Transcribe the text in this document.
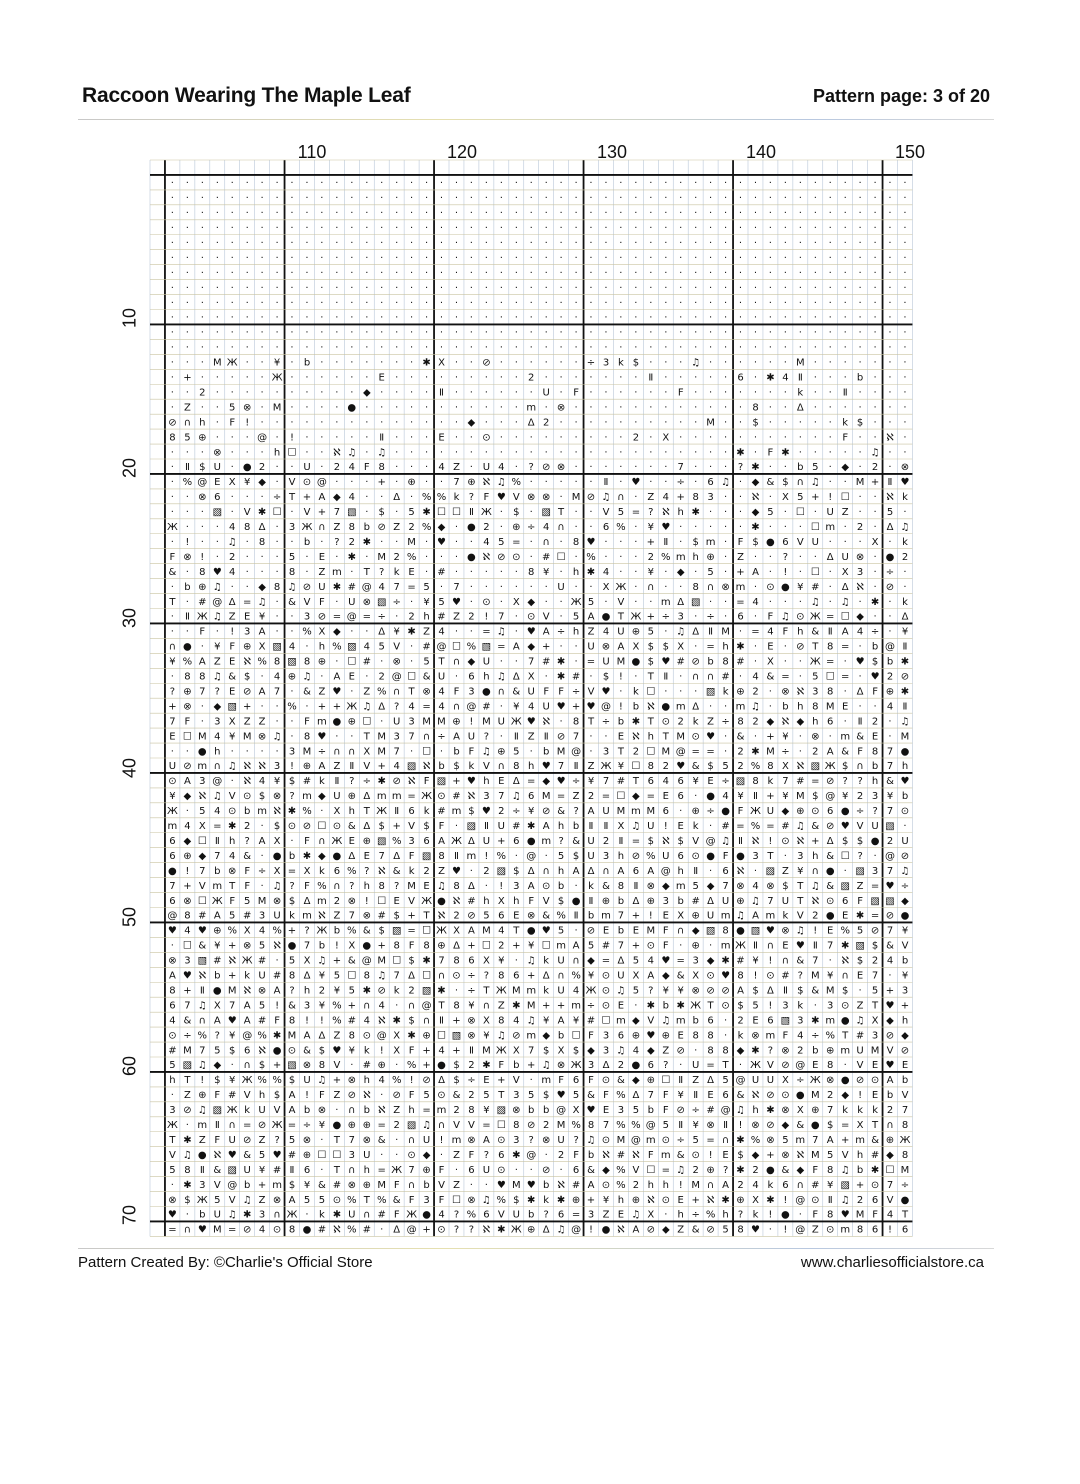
Raccoon Wearing The Maple Leaf	Pattern page: 3 of 20
110	120	130	140	150
10
20
30
40
50
60
70
· · · · · · · · · · · · · · · · · · · · · · · · · · · · · · · · · · · · · · · · · · · · · · · · · ·
· · · · · · · · · · · · · · · · · · · · · · · · · · · · · · · · · · · · · · · · · · · · · · · · · ·
· · · · · · · · · · · · · · · · · · · · · · · · · · · · · · · · · · · · · · · · · · · · · · · · · ·
· · · · · · · · · · · · · · · · · · · · · · · · · · · · · · · · · · · · · · · · · · · · · · · · · ·
· · · · · · · · · · · · · · · · · · · · · · · · · · · · · · · · · · · · · · · · · · · · · · · · · ·
· · · · · · · · · · · · · · · · · · · · · · · · · · · · · · · · · · · · · · · · · · · · · · · · · ·
· · · · · · · · · · · · · · · · · · · · · · · · · · · · · · · · · · · · · · · · · · · · · · · · · ·
· · · · · · · · · · · · · · · · · · · · · · · · · · · · · · · · · · · · · · · · · · · · · · · · · ·
· · · · · · · · · · · · · · · · · · · · · · · · · · · · · · · · · · · · · · · · · · · · · · · · · ·
· · · · · · · · · · · · · · · · · · · · · · · · · · · · · · · · · · · · · · · · · · · · · · · · · ·
· · · · · · · · · · · · · · · · · · · · · · · · · · · · · · · · · · · · · · · · · · · · · · · · · ·
· · · · · · · · · · · · · · · · · · · · · · · · · · · · · · · · · · · · · · · · · · · · · · · · · ·
· · · M Ж · · ¥ · b · · · · · · · ✱ X · · ⊘ · · · · · · ÷ 3 k $ · · · ♫ · · · · · · M · · · · · · ·
· + · · · · · Ж · · · · · · E · · · · · · · · · 2 · · · · · · · Ⅱ · · · · · 6 · ✱ 4 Ⅱ · · · b · · ·
· · 2 · · · · · · · · · · ◆ · · · · Ⅱ · · · · · · U · F · · · · · · F · · · · · · · k · · Ⅱ · · · ·
· Z · · 5 ⊗ · M · · · · ● · · · · · · · · · · · m · ⊗ · · · · · · · · · · · · 8 · · Δ · · · · · · ·
⊘ ∩ h · F ! · · · · · · · · · · · · · · ◆ · · · Δ 2 · · · · · · · · · · M · · $ · · · · · k $ · · ·
8 5 ⊕ · · · @ · ! · · · · · Ⅱ · · · E · · ⊙ · · · · · · · · · 2 · X · · · · · · · · · · · F · · ℵ ·
· · · ⊗ · · · h ☐ · · ℵ ♫ · ♫ · · · · · · · · · · · · · · · · · · · · · · · ✱ · F ✱ · · · · · ♫ · ·
· Ⅱ $ U · ● 2 · · U · 2 4 F 8 · · · 4 Z · U 4 · ? ⊘ ⊗ · · · · · · · 7 · · · ? ✱ · · b 5 · ◆ · 2 · ⊗
· % @ E X ¥ ◆ · V ⊙ @ · · · + · ⊕ · · 7 ⊕ ℵ ♫ % · · · · · Ⅱ · ♥ · · ÷ · 6 ♫ · ◆ & $ ∩ ♫ · · M + Ⅱ ♥
· · ⊗ 6 · · · ÷ T + A ◆ 4 · · Δ · % % k ? F ♥ V ⊗ ⊗ · M ⊘ ♫ ∩ · Z 4 + 8 3 · · ℵ · X 5 + ! ☐ · · ℵ k
· · · ▧ · V ✱ ☐ · V + 7 ▧ · $ · 5 ✱ ☐ ☐ Ⅱ Ж · $ · ▧ T · · V 5 = ? ℵ h ✱ · · · ◆ 5 · ☐ · U Z · · 5 ·
Ж · · · 4 8 Δ · 3 Ж ∩ Z 8 b ⊘ Z 2 % ◆ · ● 2 · ⊕ ÷ 4 ∩ · · 6 % · ¥ ♥ · · · · · ✱ · · · ☐ m · 2 · Δ ♫
· ! · · ♫ · 8 · · b · ? 2 ✱ · · M · ♥ · · 4 5 = · ∩ · 8 ♥ · · · + Ⅱ · $ m · F $ ● 6 V U · · · X · k
F ⊗ ! · 2 · · · 5 · E · ✱ · M 2 % · · · ● ℵ ⊘ ⊙ · # ☐ · % · · · 2 % m h ⊕ · Z · · ? · · Δ U ⊗ · ● 2
& · 8 ♥ 4 · · · 8 · Z m · T ? k E · # · · · · · 8 ¥ · h ✱ 4 · · ¥ · ◆ · 5 · + A · ! · ☐ · X 3 · ÷ ·
· b ⊕ ♫ · · ◆ 8 ♫ ⊘ U ✱ # @ 4 7 = 5 · 7 · · · · · · U · · X Ж · ∩ · · 8 ∩ ⊗ m · ⊙ ● ¥ # · Δ ℵ · ⊘ ·
T · # @ Δ = ♫ · & V F · U ⊗ ▧ ÷ · ¥ 5 ♥ · ⊙ · X ◆ · · Ж 5 · V · · m Δ ▧ · · = 4 · · · ♫ · ♫ · ✱ · k
· Ⅱ Ж ♫ Z E ¥ · · 3 ⊘ = @ = ÷ · 2 h # Z 2 ! 7 · ⊙ V · 5 A ● T Ж + ÷ 3 · ÷ · 6 · F ♫ ⊙ Ж = ☐ ◆ · · Δ
· · F · ! 3 A · · % X ◆ · · Δ ¥ ✱ Z 4 · · = ♫ · ♥ A ÷ h Z 4 U ⊕ 5 · ♫ Δ Ⅱ M · = 4 F h & Ⅱ A 4 ÷ · ¥
∩ ● · ¥ F ⊕ X ▧ 4 · h % ▧ 4 5 V · # @ ☐ % ▧ = A ◆ + · · U ⊗ A X $ $ X · = h ✱ · E · ⊘ T 8 = · b @ Ⅱ
¥ % A Z E ℵ % 8 ▧ 8 ⊕ · ☐ # · ⊗ · 5 T ∩ ◆ U · · 7 # ✱ · = U M ● $ ♥ # ⊘ b 8 # · X · · Ж = · ♥ $ b ✱
· 8 8 ♫ & $ · 4 ⊕ ♫ · A E · 2 @ ☐ & U · 6 h ♫ Δ X · ✱ # · $ ! · T Ⅱ · ∩ ∩ # · 4 & = · 5 ☐ = · ♥ 2 ⊘
? ⊕ 7 ? E ⊘ A 7 · & Z ♥ · Z % ∩ T ⊗ 4 F 3 ● ∩ & U F F ÷ V ♥ · k ☐ · · · ▧ k ⊕ 2 · ⊗ ℵ 3 8 · Δ F ⊕ ✱
+ ⊗ · ◆ ▧ + · · % · + + Ж ♫ Δ ? 4 = 4 ∩ @ # · ¥ 4 U ♥ + ♥ @ ! b ℵ ● m Δ · · m ♫ · b h 8 M E · · 4 Ⅱ
7 F · 3 X Z Z · · F m ● ⊕ ☐ · U 3 M M ⊕ ! M U Ж ♥ ℵ · 8 T ÷ b ✱ T ⊙ 2 k Z ÷ 8 2 ◆ ℵ ◆ h 6 · Ⅱ 2 · ♫
E ☐ M 4 ¥ M ⊗ ♫ · 8 ♥ · · T M 3 7 ∩ ÷ A U ? · Ⅱ Z Ⅱ ⊘ 7 · · E ℵ h T M ⊙ ♥ · & · + ¥ · ⊗ · m & E · M
· · ● h · · · · 3 M ÷ ∩ ∩ X M 7 · ☐ · b F ♫ ⊕ 5 · b M @ · 3 T 2 ☐ M @ = = · 2 ✱ M ÷ · 2 A & F 8 7 ●
U ⊘ m ∩ ♫ ℵ ℵ 3 ! ⊕ A Z Ⅱ V + 4 ▧ ℵ b $ k V ∩ 8 h ♥ 7 Ⅱ Z Ж ¥ ☐ 8 2 ♥ & $ 5 2 % 8 X ℵ ▧ Ж $ ∩ b 7 h
⊙ A 3 @ · ℵ 4 ¥ $ # k Ⅱ ? ÷ ✱ ⊘ ℵ F ▧ + ♥ h E Δ = ◆ ♥ ÷ ¥ 7 # T 6 4 6 ¥ E ÷ ▧ 8 k 7 # = ⊘ ? ? h & ♥
¥ ◆ ℵ ♫ V ⊙ $ ⊗ ? m ◆ U ⊕ Δ m m = Ж ⊙ # ℵ 3 7 ♫ 6 M = Z 2 = ☐ ◆ = E 6 · ● 4 ¥ Ⅱ + ¥ M $ @ ¥ 2 3 ¥ b
Ж · 5 4 ⊙ b m ℵ ✱ % · X h T Ж Ⅱ 6 k # m $ ♥ 2 ÷ ¥ ⊘ & ? A U M m M 6 · ⊕ ÷ ● F Ж U ◆ ⊕ ⊙ 6 ● ÷ ? 7 ⊙
m 4 X = ✱ 2 · $ ⊙ ⊘ ☐ ⊙ & Δ $ + V $ F · ▧ Ⅱ U # ✱ A h b Ⅱ Ⅱ X ♫ U ! E k · # = % = # ♫ & ⊘ ♥ V U ▧ ·
6 ◆ ☐ Ⅱ h ? A X · F ∩ Ж E ⊕ ▧ % 3 6 A Ж Δ U + 6 ● m ? & U 2 Ⅱ = $ ℵ $ V @ ♫ Ⅱ ℵ ! ⊙ ℵ + Δ $ $ ● 2 U
6 ⊕ ◆ 7 4 & · ● b ✱ ◆ ● Δ E 7 Δ F ▧ 8 Ⅱ m ! % · @ · 5 $ U 3 h ⊘ % U 6 ⊙ ● F ● 3 T · 3 h & ☐ ? · @ ⊘
● ! 7 b ⊗ F ÷ X = X k 6 % ? ℵ & k 2 Z ♥ · 2 ▧ $ Δ ∩ h A Δ ∩ A 6 A @ h Ⅱ · 6 ℵ · ▧ Z ¥ ∩ ● · ▧ 3 7 ♫
7 + V m T F · ♫ ? F % ∩ ? h 8 ? M E ♫ 8 Δ · ! 3 A ⊙ b · k & 8 Ⅱ ⊗ ◆ m 5 ◆ 7 ⊗ 4 ⊗ $ T ♫ & ▧ Z = ♥ ÷
6 ⊗ ☐ Ж F 5 M ⊗ $ Δ m 2 ⊗ ! ☐ E V Ж ● ℵ # h X h F V $ ● Ⅱ ⊕ b Δ ⊕ 3 b # Δ U ⊕ ♫ 7 U T ℵ ⊙ 6 F ▧ ▧ ◆
@ 8 # A 5 # 3 U k m ℵ Z 7 ⊗ # $ + T ℵ 2 ⊘ 5 6 E ⊗ & % Ⅱ b m 7 + ! E X ⊕ U m ♫ A m k V 2 ● E ✱ = ⊘ ●
♥ 4 ♥ ⊕ % X 4 % + ? Ж b % & $ ▧ = ☐ Ж X A M 4 T ● ♥ 5 · ⊘ E b E M F ∩ ◆ ▧ 8 ● ▧ ♥ ⊗ ♫ ! E % 5 ⊘ 7 ¥
· ☐ & ¥ + ⊗ 5 ℵ ● 7 b ! X ● + 8 F 8 ⊕ Δ + ☐ 2 + ¥ ☐ m A 5 # 7 + ⊙ F · ⊕ · m Ж Ⅱ ∩ E ♥ Ⅱ 7 ✱ ▧ $ & V
⊗ 3 ▧ # ℵ Ж # · 5 X ♫ + & @ M ☐ $ ✱ 7 8 6 X ¥ · ♫ k U ∩ ◆ = Δ 5 4 ♥ = 3 ◆ ✱ # ¥ ! ∩ & 7 · ℵ $ 2 4 b
A ♥ ℵ b + k U # 8 Δ ¥ 5 ☐ 8 ♫ 7 Δ ☐ ∩ ⊙ ÷ ? 8 6 + Δ ∩ % ¥ ⊙ U X A ◆ & X ⊙ ♥ 8 ! ⊙ # ? M ¥ ∩ E 7 · ¥
8 + Ⅱ ● M ℵ ⊗ A ? h 2 ¥ 5 ✱ ⊘ k 2 ▧ ✱ · ÷ T Ж M m k U 4 Ж ⊙ ♫ 5 ? ¥ ¥ ⊗ ⊘ ⊘ A $ Δ Ⅱ $ & M $ · 5 + 3
6 7 ♫ X 7 A 5 ! & 3 ¥ % + ∩ 4 · ∩ @ T 8 ¥ ∩ Z ✱ M + + m ÷ ⊙ E · ✱ b ✱ Ж T ⊙ $ 5 ! 3 k · 3 ⊙ Z T ♥ +
4 & ∩ A ♥ A # F 8 ! ! % # 4 ℵ ✱ $ ∩ Ⅱ + ⊗ X 8 4 ♫ ¥ A ¥ # ☐ m ◆ V ♫ m b 6 · 2 E 6 ▧ 3 ✱ m ● ♫ X ◆ h
⊙ ÷ % ? ¥ @ % ✱ M A Δ Z 8 ⊙ @ X ✱ ⊕ ☐ ▧ ⊗ ¥ ♫ ⊘ m ◆ b ☐ F 3 6 ⊕ ♥ ⊕ E 8 8 · k ⊗ m F 4 ÷ % T # 3 ⊘ ◆
# M 7 5 $ 6 ℵ ● ⊙ & $ ♥ ¥ k ! X F + 4 + Ⅱ M Ж X 7 $ X $ ◆ 3 ♫ 4 ◆ Z ⊘ · 8 8 ◆ ✱ ? ⊗ 2 b ⊕ m U M V ⊘
5 ▧ ♫ ◆ · ∩ $ + ▧ ⊗ 8 V · # ⊕ · % + ● $ 2 ✱ F b + ♫ ⊗ Ж 3 Δ 2 ● 6 ? · U = T · Ж V ⊘ @ E 8 · V E ♥ E
h T ! $ ¥ Ж % % $ U ♫ + ⊗ h 4 % ! ⊘ Δ $ ÷ E + V · m F 6 F ⊙ & ◆ ⊕ ☐ Ⅱ Z Δ 5 @ U U X ÷ Ж ⊗ ● ⊘ ⊙ A b
· Z ⊕ F # V h $ A ! F Z ⊘ ℵ · ⊘ F 5 ⊙ & 2 5 T 3 5 $ ♥ 5 & F % Δ 7 F ¥ Ⅱ E 6 & ℵ ⊘ ⊙ ● M 2 ◆ ! E b V
3 ⊘ ♫ ▧ Ж k U V A b ⊗ · ∩ b ℵ Z h = m 2 8 ¥ ▧ ⊗ b b @ X ♥ E 3 5 b F ⊘ ÷ # @ ♫ h ✱ ⊗ X ⊕ 7 k k k 2 7
Ж · m Ⅱ ∩ = ⊘ Ж = ÷ ¥ ● ⊕ ⊕ = 2 ▧ ♫ ∩ V V = ☐ 8 ⊘ 2 M % 8 7 % % @ 5 Ⅱ ¥ ⊗ Ⅱ ! ⊗ ⊘ ◆ & ● $ = X T ∩ 8
T ✱ Z F U ⊘ Z ? 5 ⊗ · T 7 ⊗ & · ∩ U ! m ⊗ A ⊙ 3 ? ⊗ U ? ♫ ⊙ M @ m ⊙ ÷ 5 = ∩ ✱ % ⊗ 5 m 7 A + m & ⊕ Ж
V ♫ ● ℵ ♥ & 5 ♥ # ⊕ ☐ ☐ 3 U · · ⊙ ◆ · Z F ? 6 ✱ @ · 2 F b ℵ # ℵ F m & ⊙ ! E $ ◆ + ⊗ ℵ M 5 V h # ◆ 8
5 8 Ⅱ & ▧ U ¥ # Ⅱ 6 · T ∩ h = Ж 7 ⊕ F · 6 U ⊙ · · ⊘ · 6 & ◆ % V ☐ = ♫ 2 ⊕ ? ✱ 2 ● & ◆ F 8 ♫ b ✱ ☐ M
· ✱ 3 V @ b + m $ ¥ & # ⊗ ⊕ M F ∩ b V Z · · ♥ M ♥ b ℵ # A ⊙ % 2 h h ! M ∩ A 2 4 k 6 ∩ # ¥ ▧ + ⊙ 7 ÷
⊗ $ Ж 5 V ♫ Z ⊗ A 5 5 ⊙ % T % & F 3 F ☐ ⊗ ♫ % $ ✱ k ✱ ⊕ + ¥ h ⊕ ℵ ⊙ E + ℵ ✱ ⊕ X ✱ ! @ ⊙ Ⅱ ♫ 2 6 V ●
♥ · b U ♫ ✱ 3 ∩ Ж · k ✱ U ∩ # F Ж ● 4 ? % 6 V U b ? 6 = 3 Z E ♫ X · h ÷ % h ? k ! ● · F 8 ♥ M F 4 T
= ∩ ♥ M = ⊘ 4 ⊙ 8 ● # ℵ % # · Δ @ + ⊙ ? ? ℵ ✱ Ж ⊕ Δ ♫ @ ! ● ℵ A ⊘ ◆ Z & ⊘ 5 8 ♥ · ! @ Z ⊙ m 8 6 ! 6
Pattern Created By: ©Charlie's Official Store	www.charliesofficialstore.ca
